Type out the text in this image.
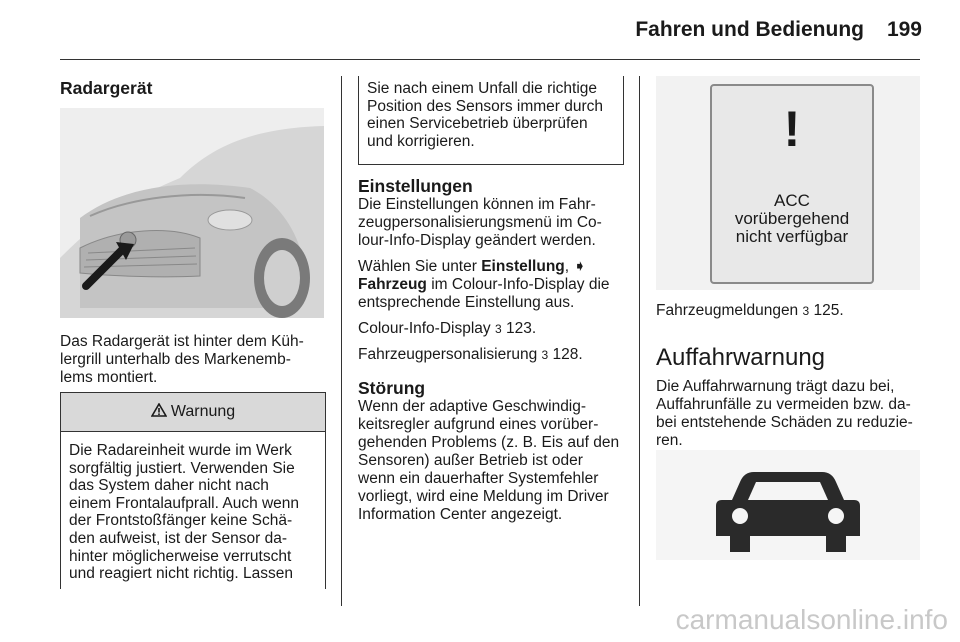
Fahren und Bedienung 199
Radargerät
Das Radargerät ist hinter dem Küh-
lergrill unterhalb des Markenemb-
lems montiert.
Warnung
Die Radareinheit wurde im Werk
sorgfältig justiert. Verwenden Sie
das System daher nicht nach
einem Frontalaufprall. Auch wenn
der Frontstoßfänger keine Schä-
den aufweist, ist der Sensor da-
hinter möglicherweise verrutscht
und reagiert nicht richtig. Lassen

Sie nach einem Unfall die richtige
Position des Sensors immer durch
einen Servicebetrieb überprüfen
und korrigieren.

Einstellungen

Die Einstellungen können im Fahr-
zeugpersonalisierungsmenü im Co-
lour-Info-Display geändert werden.

Wählen Sie unter Einstellung, ➧
Fahrzeug im Colour-Info-Display die
entsprechende Einstellung aus.

Colour-Info-Display 3 123.

Fahrzeugpersonalisierung 3 128.

Störung

Wenn der adaptive Geschwindig-
keitsregler aufgrund eines vorüber-
gehenden Problems (z. B. Eis auf den
Sensoren) außer Betrieb ist oder
wenn ein dauerhafter Systemfehler
vorliegt, wird eine Meldung im Driver
Information Center angezeigt.

!
ACC
vorübergehend
nicht verfügbar

Fahrzeugmeldungen 3 125.

Auffahrwarnung
Die Auffahrwarnung trägt dazu bei,
Auffahrunfälle zu vermeiden bzw. da-
bei entstehende Schäden zu reduzie-
ren.
carmanualsonline.info
